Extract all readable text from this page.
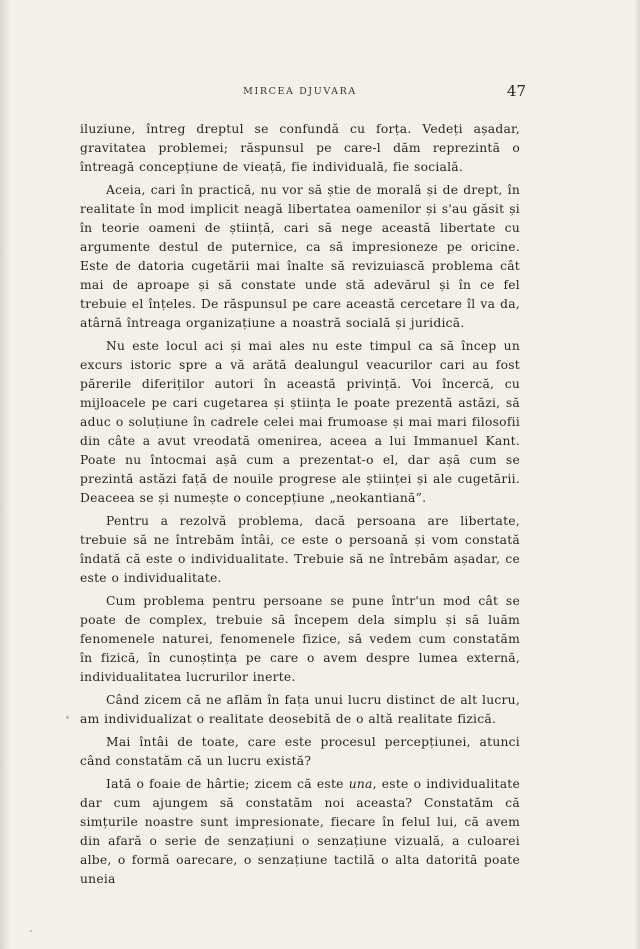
MIRCEA DJUVARA	47

iluziune, întreg dreptul se confundă cu forța. Vedeți așadar, gravitatea problemei; răspunsul pe care-l dăm reprezintă o întreagă concepțiune de vieață, fie individuală, fie socială.

Aceia, cari în practică, nu vor să știe de morală și de drept, în realitate în mod implicit neagă libertatea oamenilor și s'au găsit și în teorie oameni de știință, cari să nege această libertate cu argumente destul de puternice, ca să impresioneze pe oricine. Este de datoria cugetării mai înalte să revizuiască problema cât mai de aproape și să constate unde stă adevărul și în ce fel trebuie el înțeles. De răspunsul pe care această cercetare îl va da, atârnă întreaga organizațiune a noastră socială și juridică.

Nu este locul aci și mai ales nu este timpul ca să încep un excurs istoric spre a vă arătă dealungul veacurilor cari au fost părerile diferiților autori în această privință. Voi încercă, cu mijloacele pe cari cugetarea și știința le poate prezentă astăzi, să aduc o soluțiune în cadrele celei mai frumoase și mai mari filosofii din câte a avut vreodată omenirea, aceea a lui Immanuel Kant. Poate nu întocmai așă cum a prezentat-o el, dar așă cum se prezintă astăzi față de nouile progrese ale științei și ale cugetării. Deaceea se și numește o concepțiune „neokantiană”.

Pentru a rezolvă problema, dacă persoana are libertate, trebuie să ne întrebăm întâi, ce este o persoană și vom constată îndată că este o individualitate. Trebuie să ne întrebăm așadar, ce este o individualitate.

Cum problema pentru persoane se pune într'un mod cât se poate de complex, trebuie să începem dela simplu și să luăm fenomenele naturei, fenomenele fizice, să vedem cum constatăm în fizică, în cunoștința pe care o avem despre lumea externă, individualitatea lucrurilor inerte.

Când zicem că ne aflăm în fața unui lucru distinct de alt lucru, am individualizat o realitate deosebită de o altă realitate fizică.

Mai întâi de toate, care este procesul percepțiunei, atunci când constatăm că un lucru există?

Iată o foaie de hârtie; zicem că este una, este o individualitate dar cum ajungem să constatăm noi aceasta? Constatăm că simțurile noastre sunt impresionate, fiecare în felul lui, că avem din afară o serie de senzațiuni o senzațiune vizuală, a culoarei albe, o formă oarecare, o senzațiune tactilă o alta datorită poate uneia
